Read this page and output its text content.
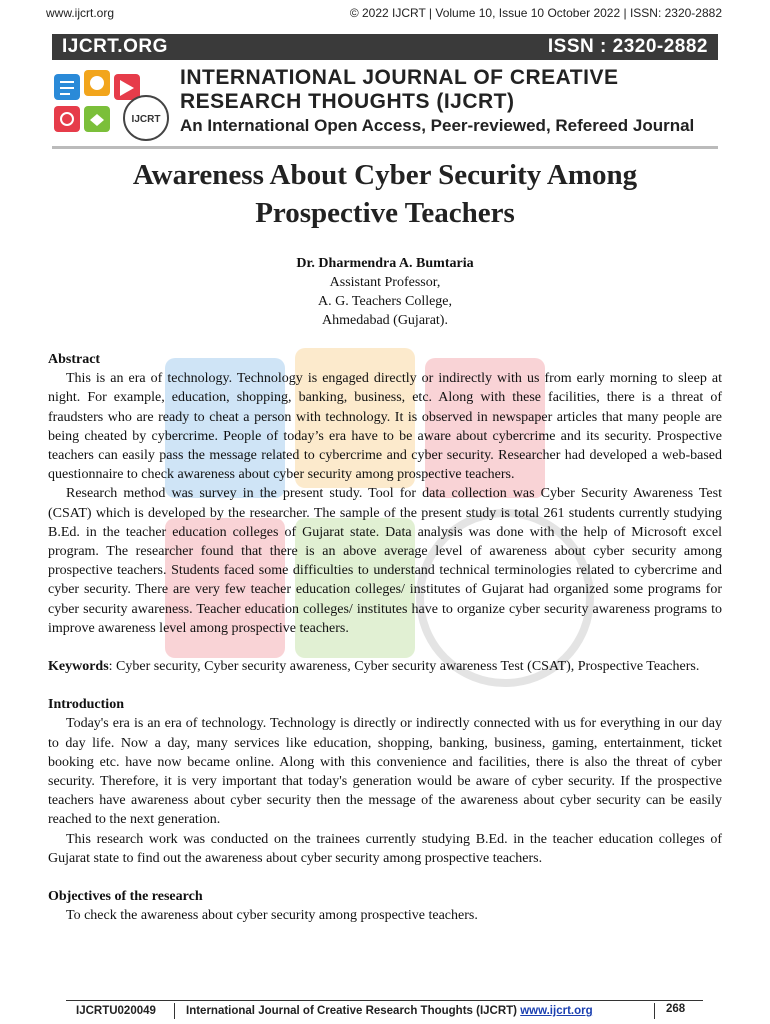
www.ijcrt.org	© 2022 IJCRT | Volume 10, Issue 10 October 2022 | ISSN: 2320-2882
IJCRT.ORG	ISSN : 2320-2882
IJCRT
INTERNATIONAL JOURNAL OF CREATIVE
RESEARCH THOUGHTS (IJCRT)
An International Open Access, Peer-reviewed, Refereed Journal
Awareness About Cyber Security Among Prospective Teachers
Dr. Dharmendra A. Bumtaria
Assistant Professor,
A. G. Teachers College,
Ahmedabad (Gujarat).
Abstract

This is an era of technology. Technology is engaged directly or indirectly with us from early morning to sleep at night. For example, education, shopping, banking, business, etc. Along with these facilities, there is a threat of fraudsters who are ready to cheat a person with technology. It is observed in newspaper articles that many people are being cheated by cybercrime. People of today’s era have to be aware about cybercrime and its security. Prospective teachers can easily pass the message related to cybercrime and cyber security. Researcher had developed a web-based questionnaire to check awareness about cyber security among prospective teachers.

Research method was survey in the present study. Tool for data collection was Cyber Security Awareness Test (CSAT) which is developed by the researcher. The sample of the present study is total 261 students currently studying B.Ed. in the teacher education colleges of Gujarat state. Data analysis was done with the help of Microsoft excel program. The researcher found that there is an above average level of awareness about cyber security among prospective teachers. Students faced some difficulties to understand technical terminologies related to cybercrime and cyber security. There are very few teacher education colleges/ institutes of Gujarat had organized some programs for cyber security awareness. Teacher education colleges/ institutes have to organize cyber security awareness programs to improve awareness level among prospective teachers.

Keywords: Cyber security, Cyber security awareness, Cyber security awareness Test (CSAT), Prospective Teachers.
Introduction

Today's era is an era of technology. Technology is directly or indirectly connected with us for everything in our day to day life. Now a day, many services like education, shopping, banking, business, gaming, entertainment, ticket booking etc. have now became online. Along with this convenience and facilities, there is also the threat of cyber security. Therefore, it is very important that today's generation would be aware of cyber security. If the prospective teachers have awareness about cyber security then the message of the awareness about cyber security can be easily reached to the next generation.

This research work was conducted on the trainees currently studying B.Ed. in the teacher education colleges of Gujarat state to find out the awareness about cyber security among prospective teachers.

Objectives of the research

To check the awareness about cyber security among prospective teachers.

IJCRTU020049	International Journal of Creative Research Thoughts (IJCRT) www.ijcrt.org	268
